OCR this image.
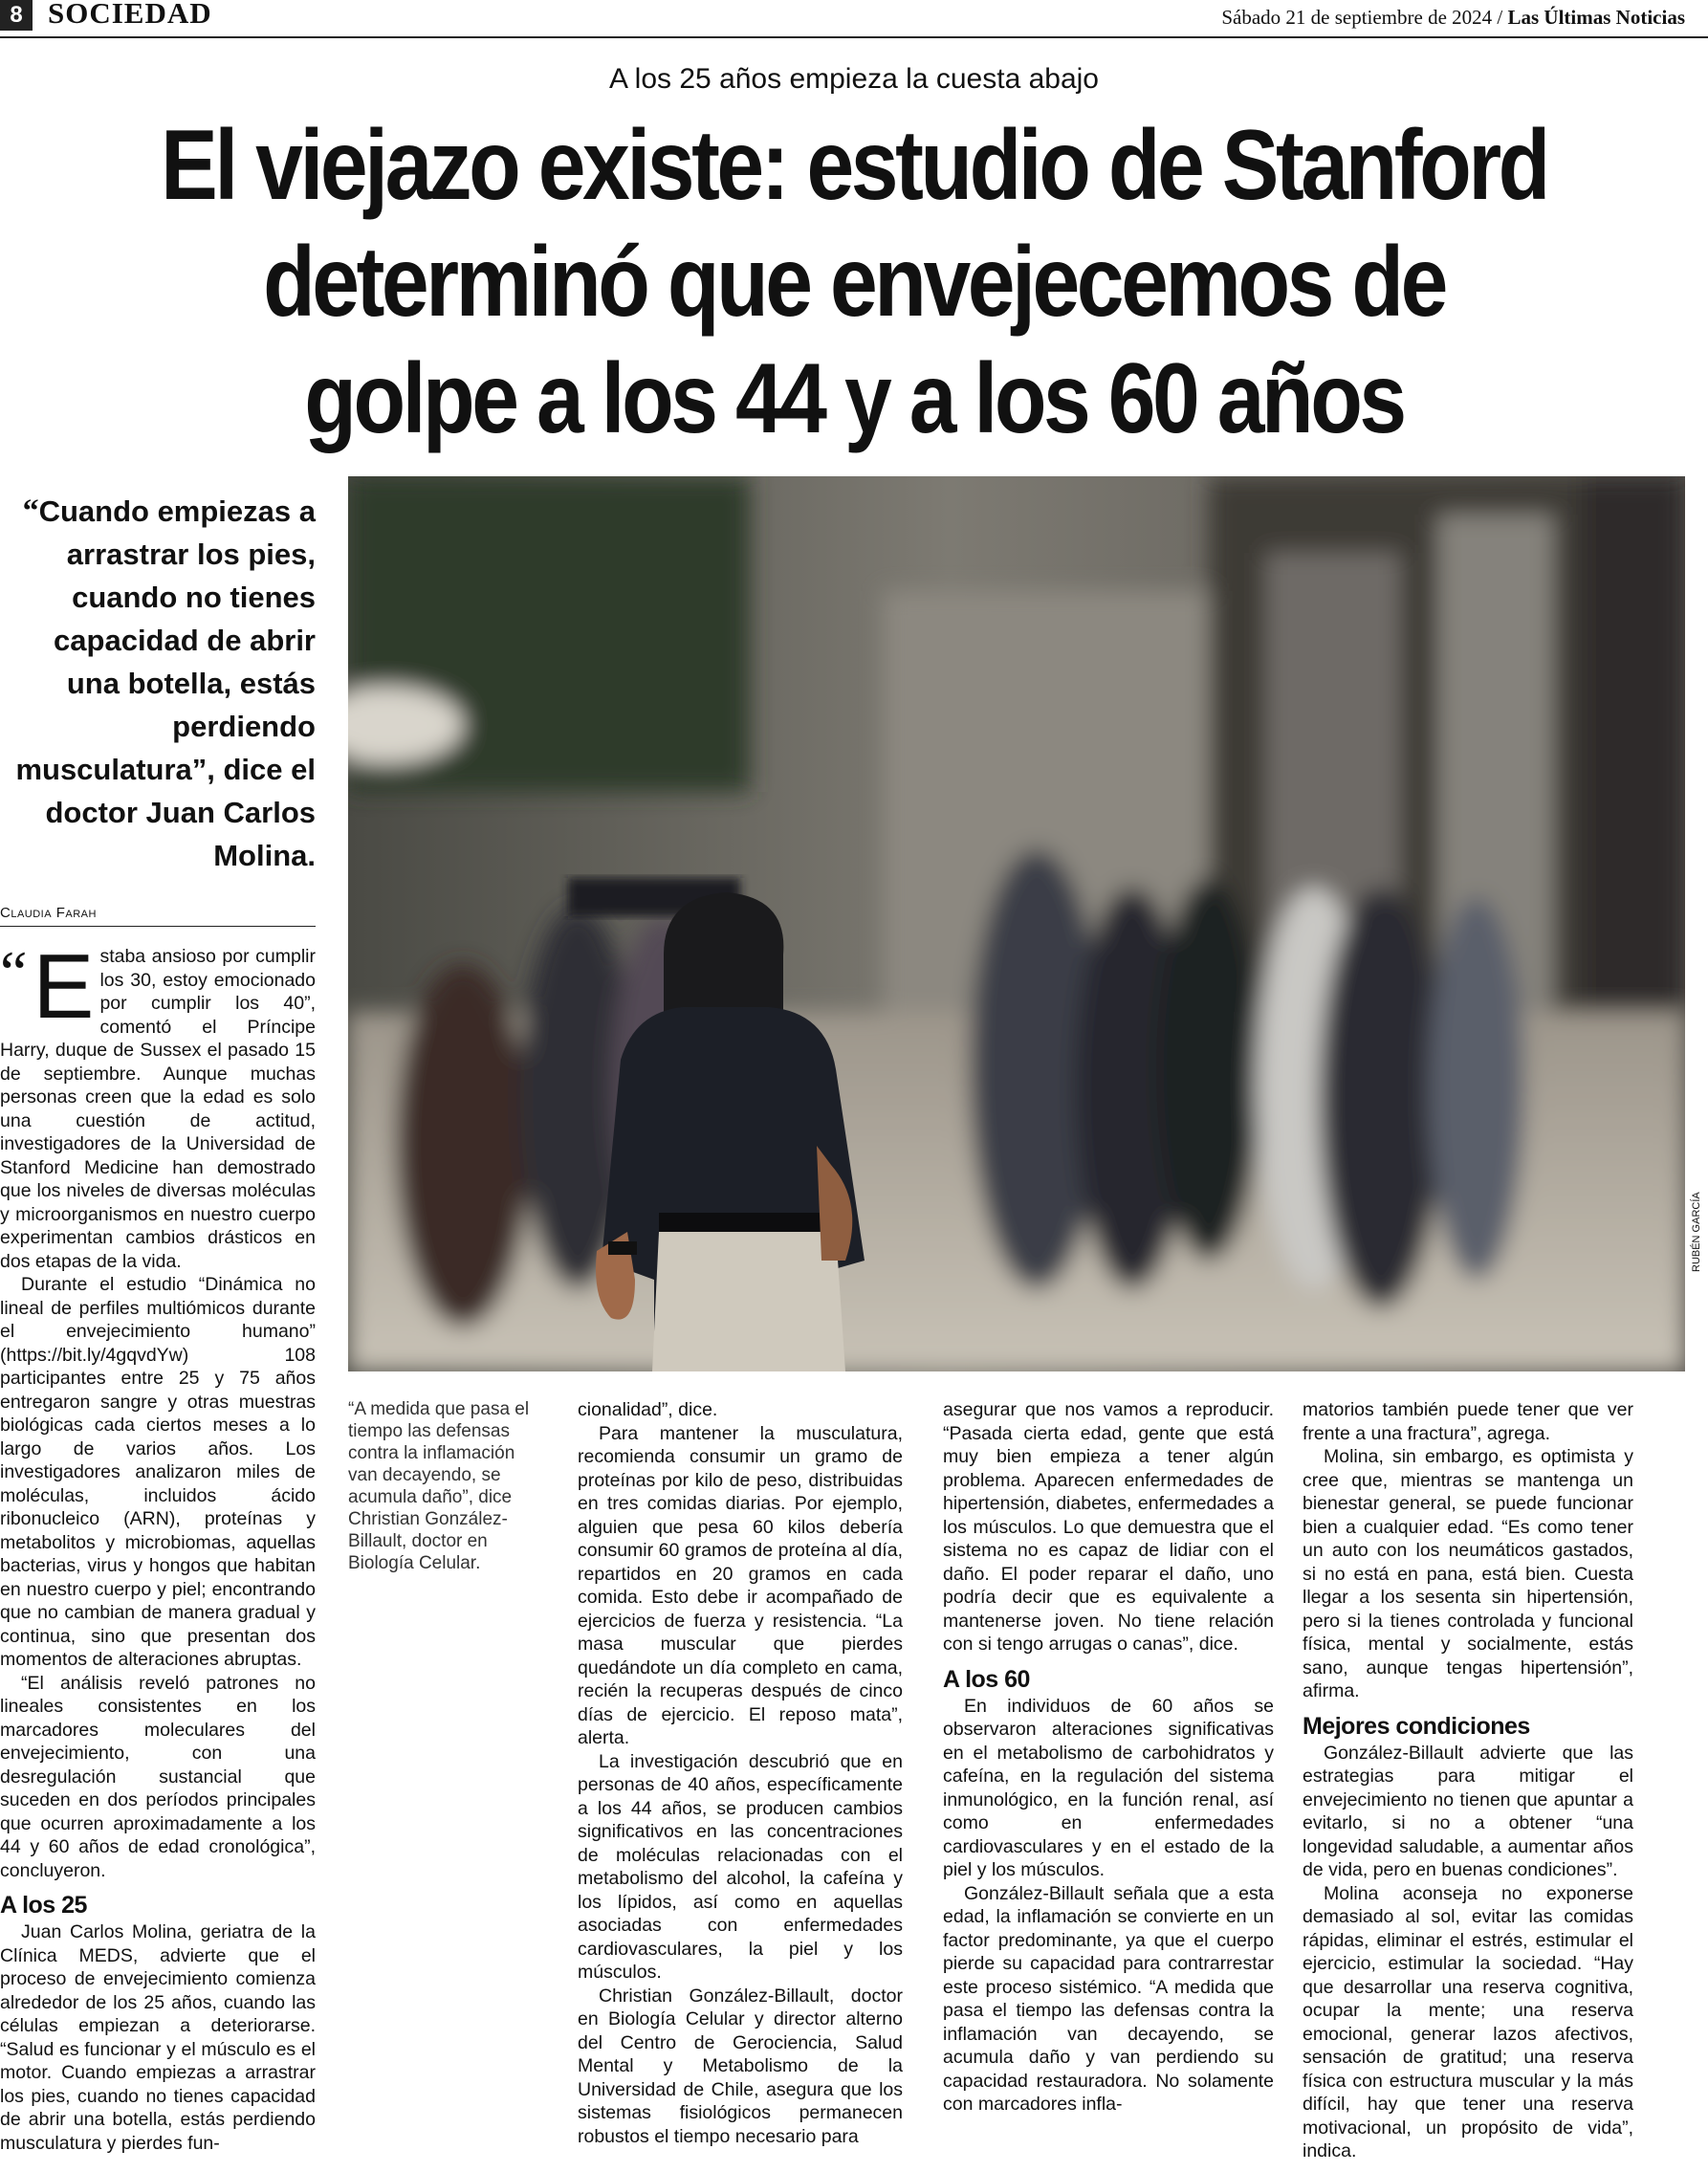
8 SOCIEDAD	Sábado 21 de septiembre de 2024 / Las Últimas Noticias
A los 25 años empieza la cuesta abajo
El viejazo existe: estudio de Stanford
determinó que envejecemos de
golpe a los 44 y a los 60 años
“Cuando empiezas a arrastrar los pies, cuando no tienes capacidad de abrir una botella, estás perdiendo musculatura”, dice el doctor Juan Carlos Molina.
Claudia Farah
RUBÉN GARCÍA

“ E staba ansioso por cumplir los 30, estoy emocionado por cumplir los 40”, comentó el Príncipe Harry, duque de Sussex el pasado 15 de septiembre. Aunque muchas personas creen que la edad es solo una cuestión de actitud, investigadores de la Universidad de Stanford Medicine han demostrado que los niveles de diversas moléculas y microorganismos en nuestro cuerpo experimentan cambios drásticos en dos etapas de la vida.

Durante el estudio “Dinámica no lineal de perfiles multiómicos durante el envejecimiento humano” (https://bit.ly/4gqvdYw) 108 participantes entre 25 y 75 años entregaron sangre y otras muestras biológicas cada ciertos meses a lo largo de varios años. Los investigadores analizaron miles de moléculas, incluidos ácido ribonucleico (ARN), proteínas y metabolitos y microbiomas, aquellas bacterias, virus y hongos que habitan en nuestro cuerpo y piel; encontrando que no cambian de manera gradual y continua, sino que presentan dos momentos de alteraciones abruptas.

“El análisis reveló patrones no lineales consistentes en los marcadores moleculares del envejecimiento, con una desregulación sustancial que suceden en dos períodos principales que ocurren aproximadamente a los 44 y 60 años de edad cronológica”, concluyeron.

A los 25

Juan Carlos Molina, geriatra de la Clínica MEDS, advierte que el proceso de envejecimiento comienza alrededor de los 25 años, cuando las células empiezan a deteriorarse. “Salud es funcionar y el músculo es el motor. Cuando empiezas a arrastrar los pies, cuando no tienes capacidad de abrir una botella, estás perdiendo musculatura y pierdes fun-

“A medida que pasa el tiempo las defensas contra la inflamación van decayendo, se acumula daño”, dice Christian González-Billault, doctor en Biología Celular.

cionalidad”, dice.

Para mantener la musculatura, recomienda consumir un gramo de proteínas por kilo de peso, distribuidas en tres comidas diarias. Por ejemplo, alguien que pesa 60 kilos debería consumir 60 gramos de proteína al día, repartidos en 20 gramos en cada comida. Esto debe ir acompañado de ejercicios de fuerza y resistencia. “La masa muscular que pierdes quedándote un día completo en cama, recién la recuperas después de cinco días de ejercicio. El reposo mata”, alerta.

La investigación descubrió que en personas de 40 años, específicamente a los 44 años, se producen cambios significativos en las concentraciones de moléculas relacionadas con el metabolismo del alcohol, la cafeína y los lípidos, así como en aquellas asociadas con enfermedades cardiovasculares, la piel y los músculos.

Christian González-Billault, doctor en Biología Celular y director alterno del Centro de Gerociencia, Salud Mental y Metabolismo de la Universidad de Chile, asegura que los sistemas fisiológicos permanecen robustos el tiempo necesario para

asegurar que nos vamos a reproducir. “Pasada cierta edad, gente que está muy bien empieza a tener algún problema. Aparecen enfermedades de hipertensión, diabetes, enfermedades a los músculos. Lo que demuestra que el sistema no es capaz de lidiar con el daño. El poder reparar el daño, uno podría decir que es equivalente a mantenerse joven. No tiene relación con si tengo arrugas o canas”, dice.

A los 60

En individuos de 60 años se observaron alteraciones significativas en el metabolismo de carbohidratos y cafeína, en la regulación del sistema inmunológico, en la función renal, así como en enfermedades cardiovasculares y en el estado de la piel y los músculos.

González-Billault señala que a esta edad, la inflamación se convierte en un factor predominante, ya que el cuerpo pierde su capacidad para contrarrestar este proceso sistémico. “A medida que pasa el tiempo las defensas contra la inflamación van decayendo, se acumula daño y van perdiendo su capacidad restauradora. No solamente con marcadores infla-

matorios también puede tener que ver frente a una fractura”, agrega.

Molina, sin embargo, es optimista y cree que, mientras se mantenga un bienestar general, se puede funcionar bien a cualquier edad. “Es como tener un auto con los neumáticos gastados, si no está en pana, está bien. Cuesta llegar a los sesenta sin hipertensión, pero si la tienes controlada y funcional física, mental y socialmente, estás sano, aunque tengas hipertensión”, afirma.

Mejores condiciones

González-Billault advierte que las estrategias para mitigar el envejecimiento no tienen que apuntar a evitarlo, si no a obtener “una longevidad saludable, a aumentar años de vida, pero en buenas condiciones”.

Molina aconseja no exponerse demasiado al sol, evitar las comidas rápidas, eliminar el estrés, estimular el ejercicio, estimular la sociedad. “Hay que desarrollar una reserva cognitiva, ocupar la mente; una reserva emocional, generar lazos afectivos, sensación de gratitud; una reserva física con estructura muscular y la más difícil, hay que tener una reserva motivacional, un propósito de vida”, indica.
